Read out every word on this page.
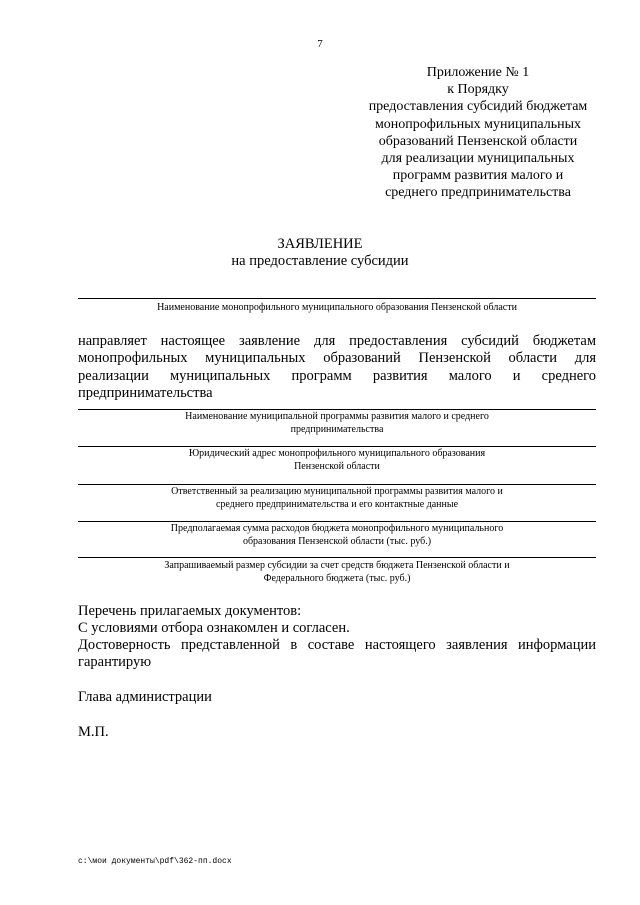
7
Приложение № 1
к Порядку
предоставления субсидий бюджетам
монопрофильных муниципальных
образований Пензенской области
для реализации муниципальных
программ развития малого и
среднего предпринимательства
ЗАЯВЛЕНИЕ
на предоставление субсидии
Наименование монопрофильного муниципального образования Пензенской области
направляет настоящее заявление для предоставления субсидий бюджетам монопрофильных муниципальных образований Пензенской области для реализации муниципальных программ развития малого и среднего
предпринимательства
Наименование муниципальной программы развития малого и среднего
предпринимательства
Юридический адрес монопрофильного муниципального образования
Пензенской области
Ответственный за реализацию муниципальной программы развития малого и
среднего предпринимательства и его контактные данные
Предполагаемая сумма расходов бюджета монопрофильного муниципального
образования Пензенской области (тыс. руб.)
Запрашиваемый размер субсидии за счет средств бюджета Пензенской области и
Федерального бюджета (тыс. руб.)
Перечень прилагаемых документов:
С условиями отбора ознакомлен и согласен.
Достоверность представленной в составе настоящего заявления информации гарантирую
Глава администрации
М.П.
c:\мои документы\pdf\362-пп.docx
